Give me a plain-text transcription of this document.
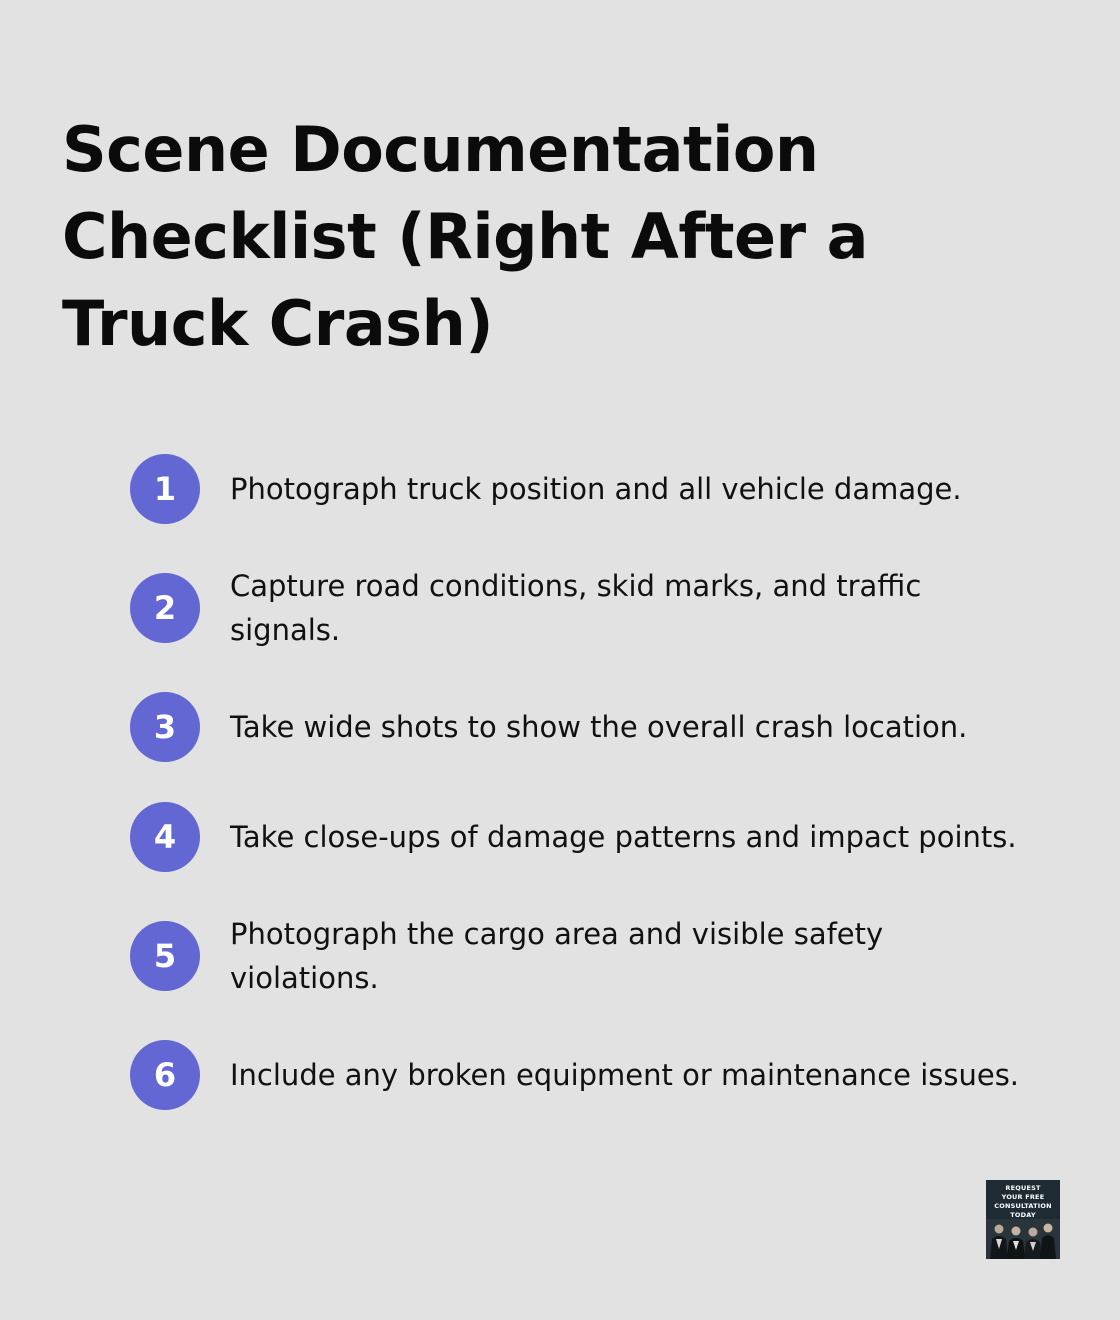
Scene Documentation Checklist (Right After a Truck Crash)
1	Photograph truck position and all vehicle damage.
2
Capture road conditions, skid marks, and traffic signals.
3	Take wide shots to show the overall crash location.
4	Take close-ups of damage patterns and impact points.
5
Photograph the cargo area and visible safety violations.
6	Include any broken equipment or maintenance issues.
REQUEST
YOUR FREE
CONSULTATION
TODAY
